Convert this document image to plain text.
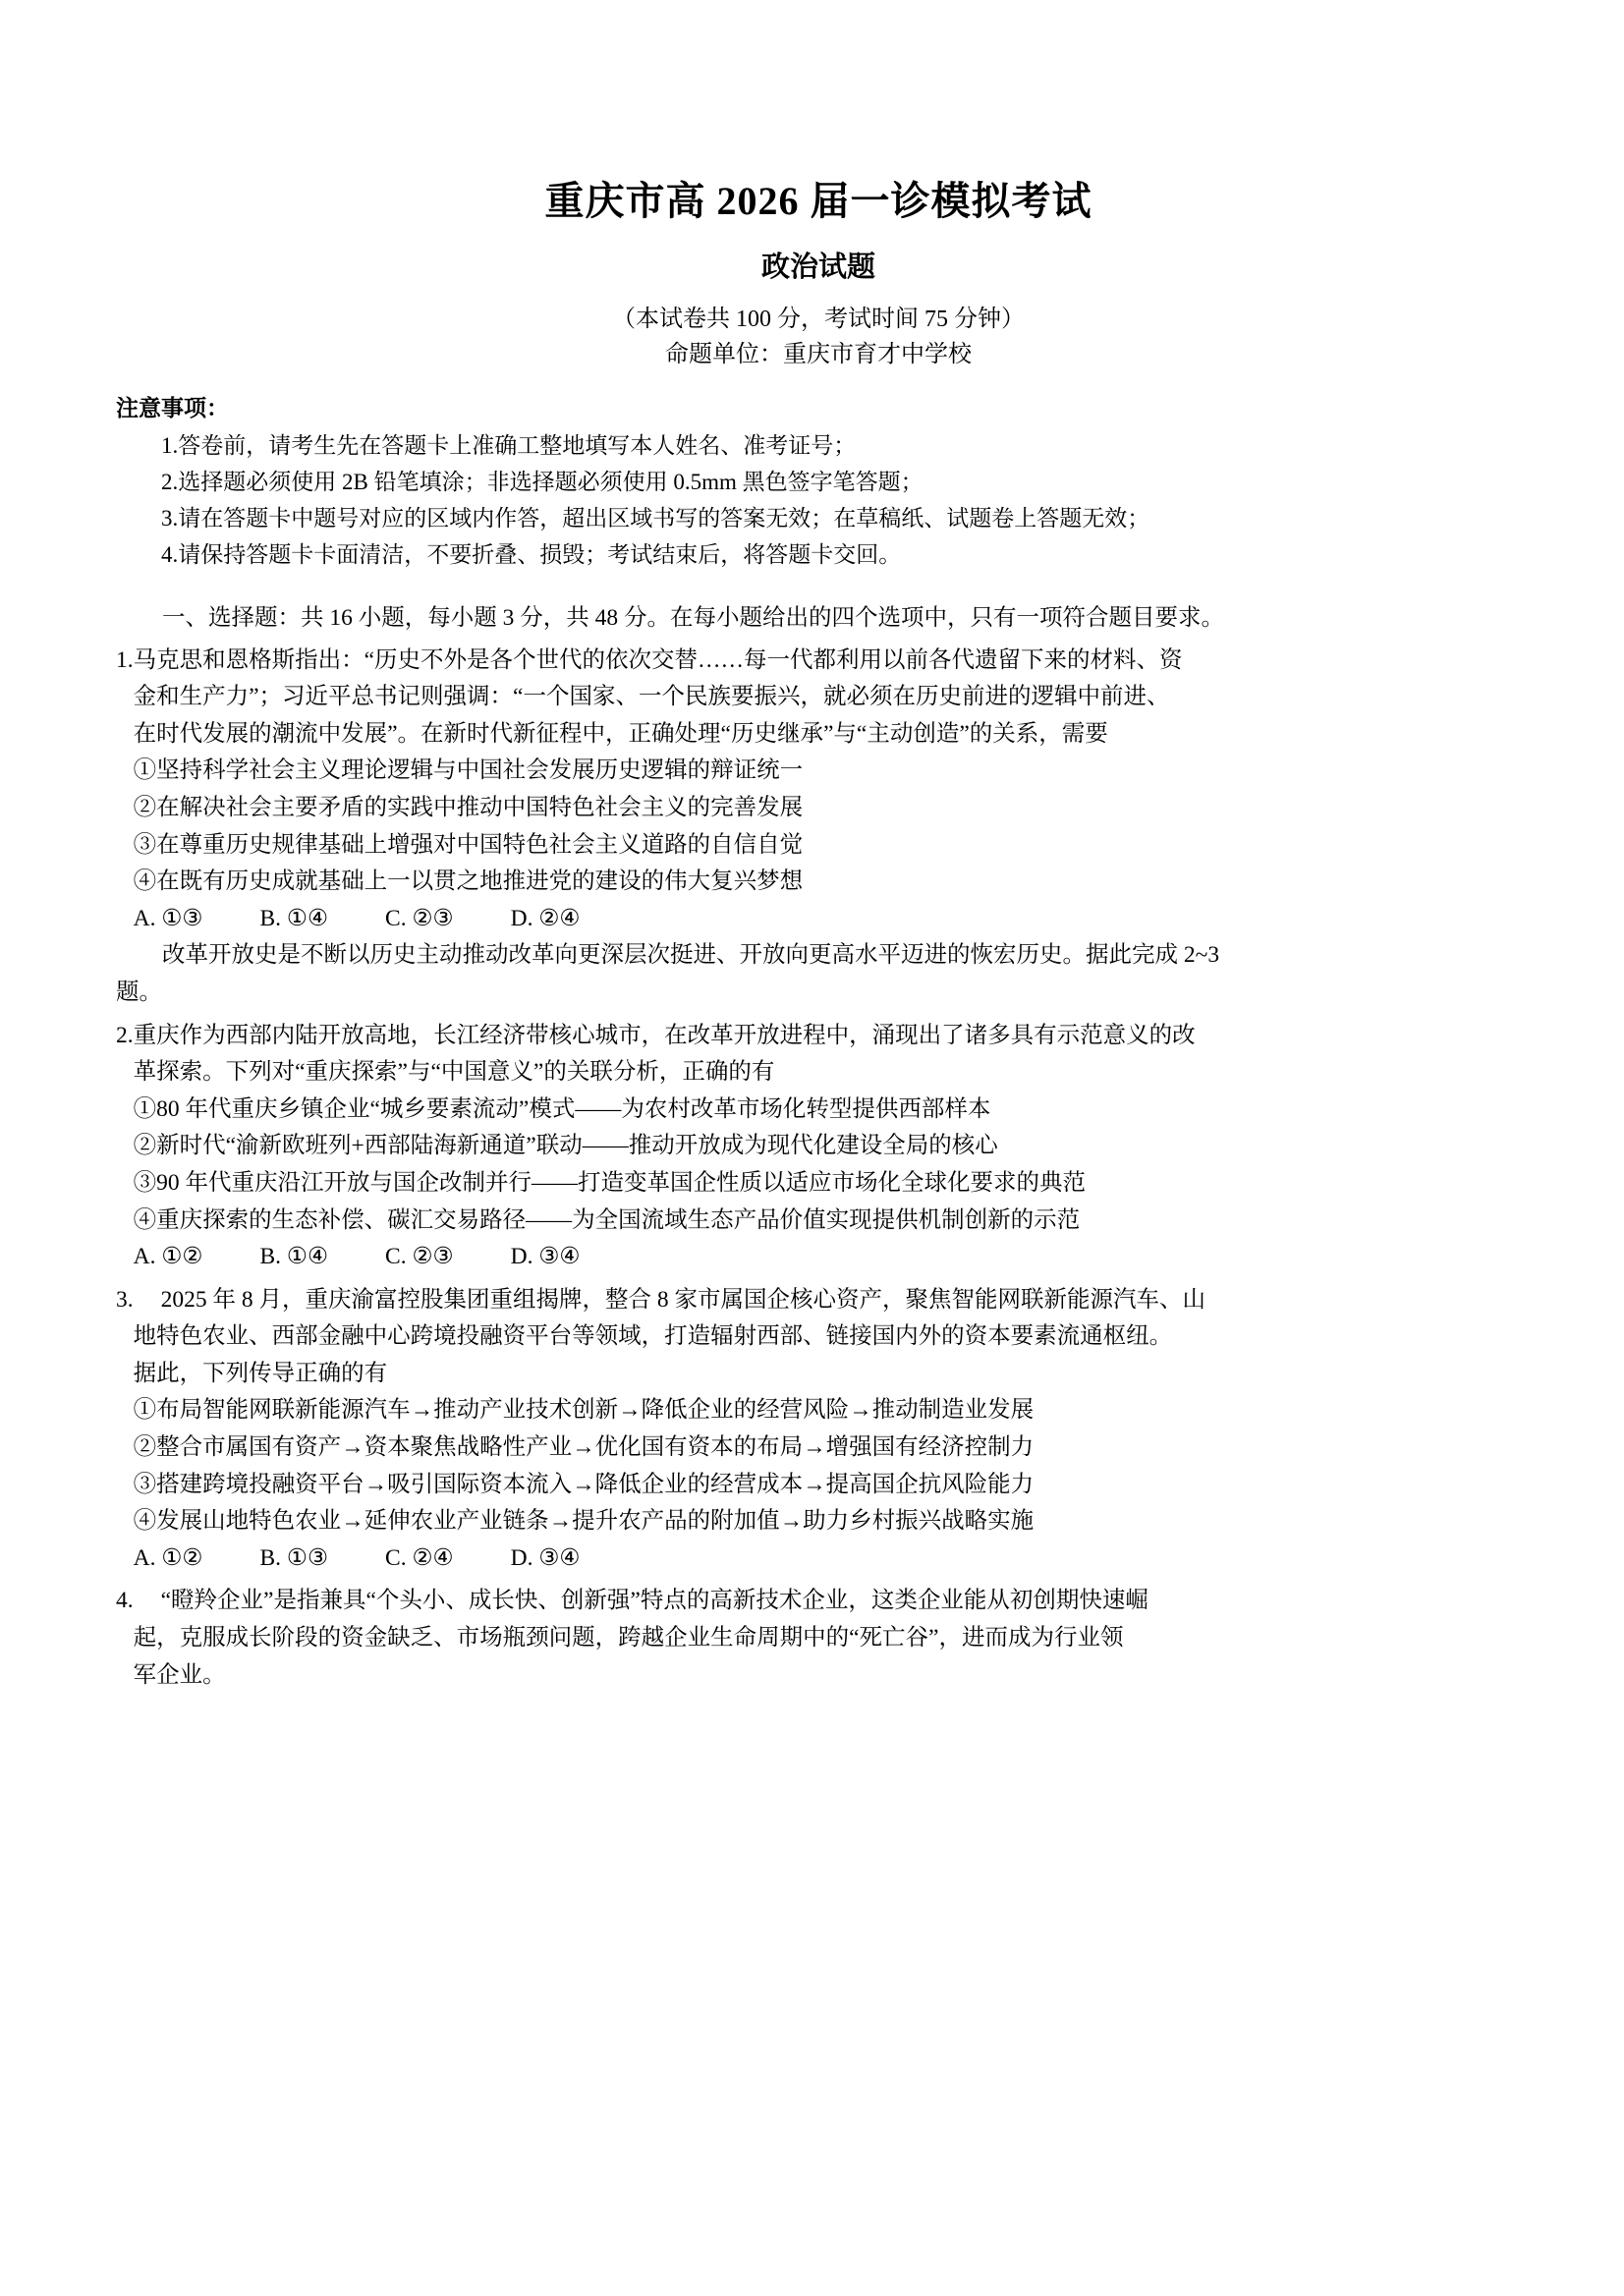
重庆市高 2026 届一诊模拟考试
政治试题
（本试卷共 100 分，考试时间 75 分钟）
命题单位：重庆市育才中学校
注意事项：
1.答卷前，请考生先在答题卡上准确工整地填写本人姓名、准考证号；
2.选择题必须使用 2B 铅笔填涂；非选择题必须使用 0.5mm 黑色签字笔答题；
3.请在答题卡中题号对应的区域内作答，超出区域书写的答案无效；在草稿纸、试题卷上答题无效；
4.请保持答题卡卡面清洁，不要折叠、损毁；考试结束后，将答题卡交回。
一、选择题：共 16 小题，每小题 3 分，共 48 分。在每小题给出的四个选项中，只有一项符合题目要求。
1. 马克思和恩格斯指出：“历史不外是各个世代的依次交替……每一代都利用以前各代遗留下来的材料、资
金和生产力”；习近平总书记则强调：“一个国家、一个民族要振兴，就必须在历史前进的逻辑中前进、
在时代发展的潮流中发展”。在新时代新征程中，正确处理“历史继承”与“主动创造”的关系，需要
①坚持科学社会主义理论逻辑与中国社会发展历史逻辑的辩证统一
②在解决社会主要矛盾的实践中推动中国特色社会主义的完善发展
③在尊重历史规律基础上增强对中国特色社会主义道路的自信自觉
④在既有历史成就基础上一以贯之地推进党的建设的伟大复兴梦想
A. ①③ B. ①④ C. ②③ D. ②④
改革开放史是不断以历史主动推动改革向更深层次挺进、开放向更高水平迈进的恢宏历史。据此完成 2~3
题。
2. 重庆作为西部内陆开放高地，长江经济带核心城市，在改革开放进程中，涌现出了诸多具有示范意义的改
革探索。下列对“重庆探索”与“中国意义”的关联分析，正确的有
①80 年代重庆乡镇企业“城乡要素流动”模式——为农村改革市场化转型提供西部样本
②新时代“渝新欧班列+西部陆海新通道”联动——推动开放成为现代化建设全局的核心
③90 年代重庆沿江开放与国企改制并行——打造变革国企性质以适应市场化全球化要求的典范
④重庆探索的生态补偿、碳汇交易路径——为全国流域生态产品价值实现提供机制创新的示范
A. ①② B. ①④ C. ②③ D. ③④
3. 2025 年 8 月，重庆渝富控股集团重组揭牌，整合 8 家市属国企核心资产，聚焦智能网联新能源汽车、山
地特色农业、西部金融中心跨境投融资平台等领域，打造辐射西部、链接国内外的资本要素流通枢纽。
据此，下列传导正确的有
①布局智能网联新能源汽车→推动产业技术创新→降低企业的经营风险→推动制造业发展
②整合市属国有资产→资本聚焦战略性产业→优化国有资本的布局→增强国有经济控制力
③搭建跨境投融资平台→吸引国际资本流入→降低企业的经营成本→提高国企抗风险能力
④发展山地特色农业→延伸农业产业链条→提升农产品的附加值→助力乡村振兴战略实施
A. ①② B. ①③ C. ②④ D. ③④
4. “瞪羚企业”是指兼具“个头小、成长快、创新强”特点的高新技术企业，这类企业能从初创期快速崛
起，克服成长阶段的资金缺乏、市场瓶颈问题，跨越企业生命周期中的“死亡谷”，进而成为行业领
军企业。
